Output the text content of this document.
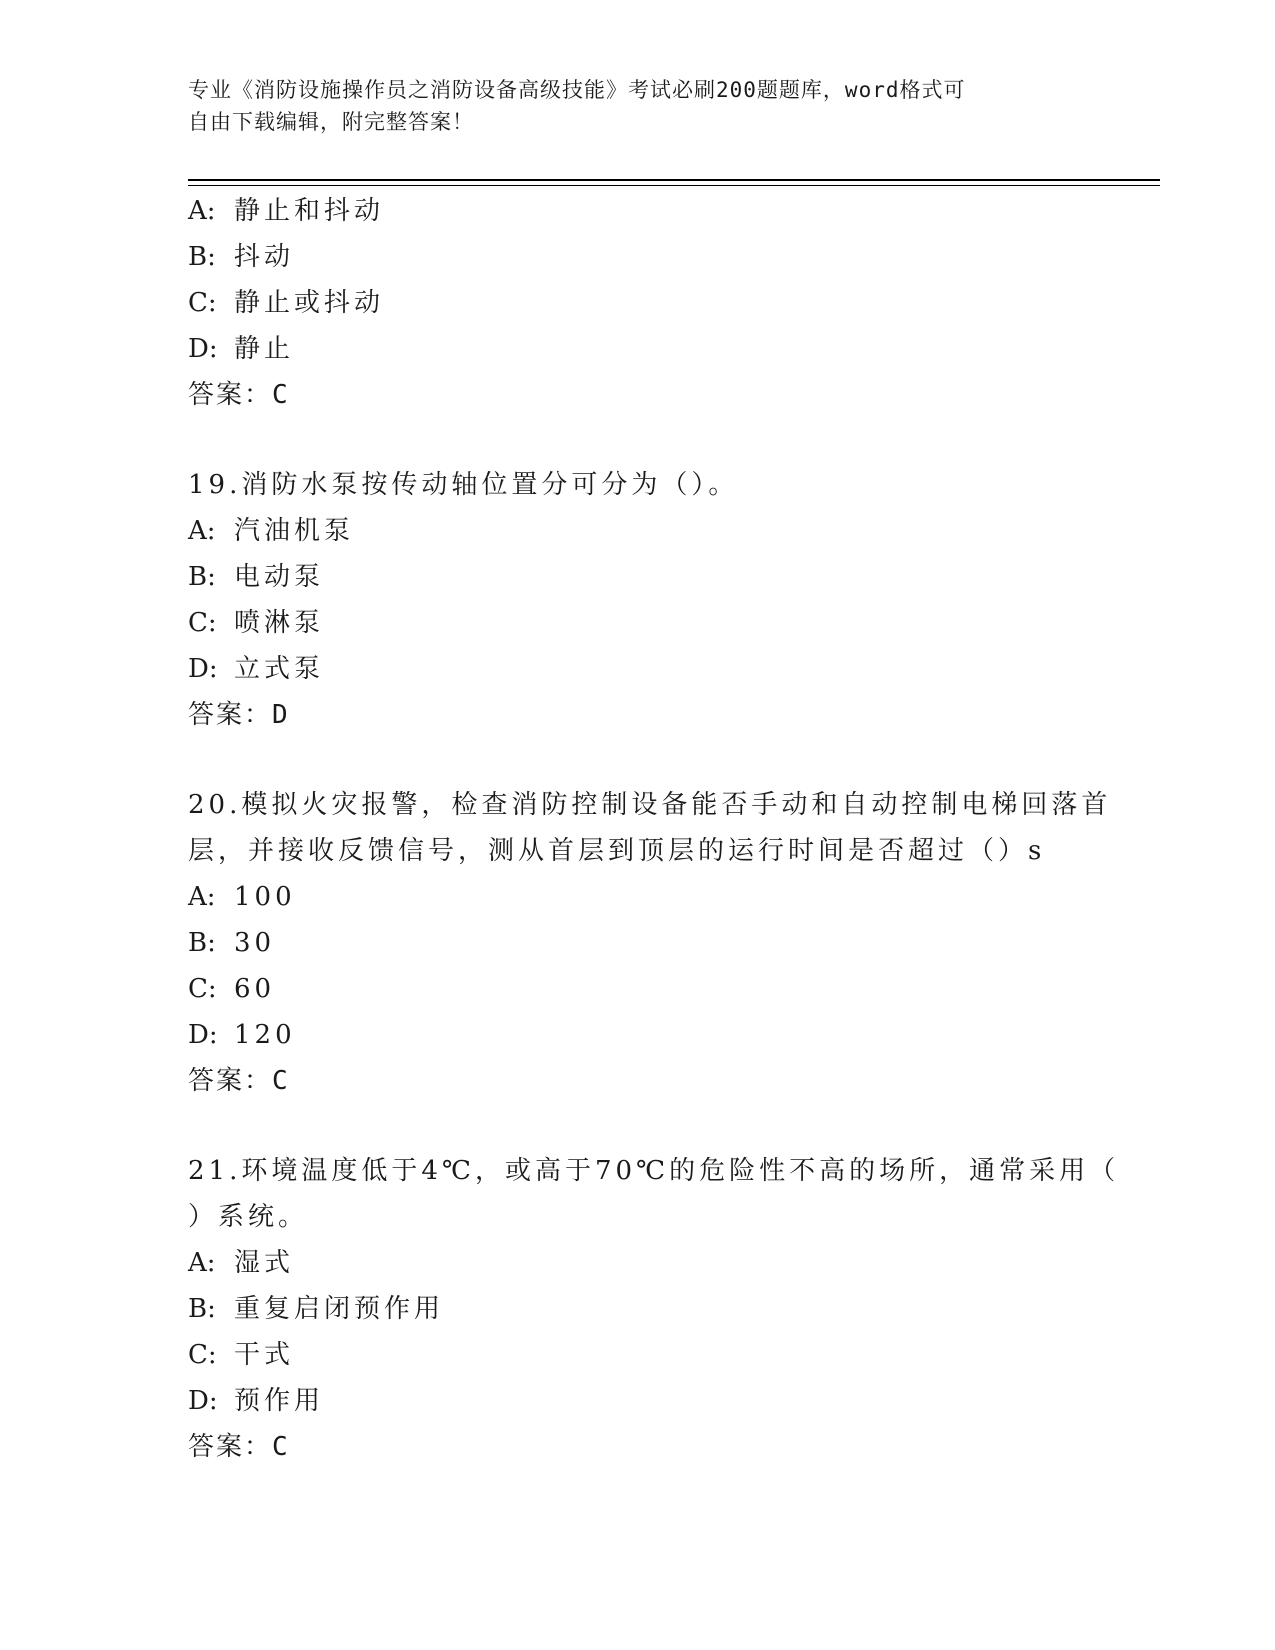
专业《消防设施操作员之消防设备高级技能》考试必刷200题题库，word格式可
自由下载编辑，附完整答案！
A: 静止和抖动
B: 抖动
C: 静止或抖动
D: 静止
答案：C
19.消防水泵按传动轴位置分可分为（）。
A: 汽油机泵
B: 电动泵
C: 喷淋泵
D: 立式泵
答案：D
20.模拟火灾报警，检查消防控制设备能否手动和自动控制电梯回落首
层，并接收反馈信号，测从首层到顶层的运行时间是否超过（）s
A: 100
B: 30
C: 60
D: 120
答案：C
21.环境温度低于4℃，或高于70℃的危险性不高的场所，通常采用（
）系统。
A: 湿式
B: 重复启闭预作用
C: 干式
D: 预作用
答案：C
